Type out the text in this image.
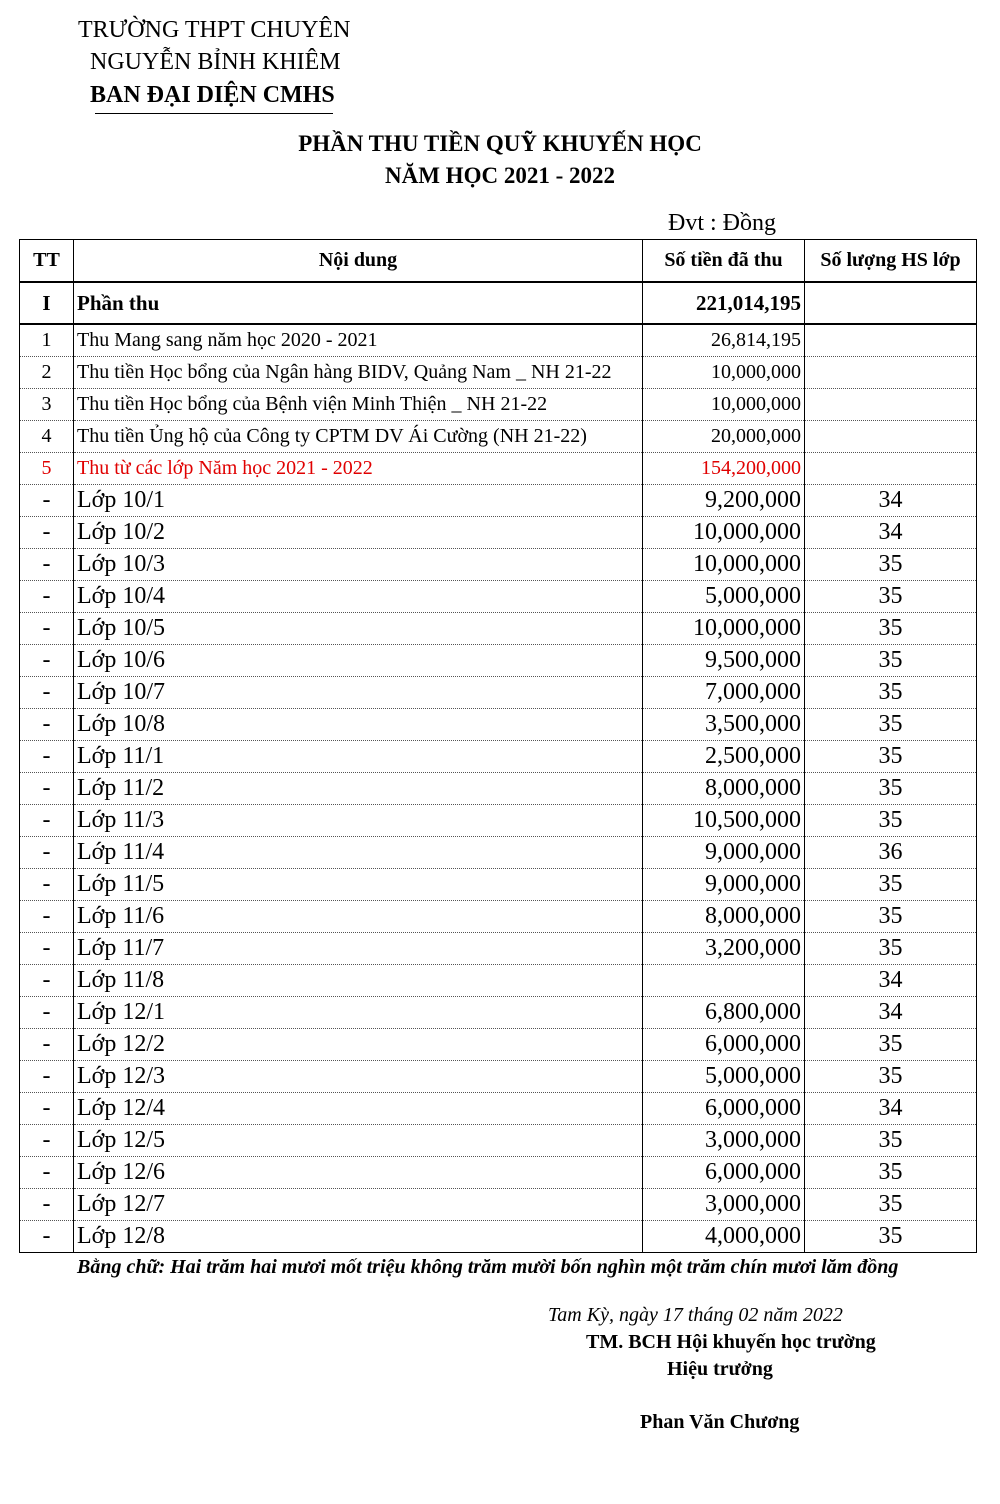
TRƯỜNG THPT CHUYÊN
NGUYỄN BỈNH KHIÊM
BAN ĐẠI DIỆN CMHS
PHẦN THU TIỀN QUỸ KHUYẾN HỌC
NĂM HỌC 2021 - 2022
Đvt : Đồng
TT	Nội dung	Số tiền đã thu	Số lượng HS lớp
I	Phần thu	221,014,195	
1	Thu Mang sang năm học 2020 - 2021	26,814,195	
2	Thu tiền Học bổng của Ngân hàng BIDV, Quảng Nam _ NH 21-22	10,000,000	
3	Thu tiền Học bổng của Bệnh viện Minh Thiện _ NH 21-22	10,000,000	
4	Thu tiền Ủng hộ của Công ty CPTM DV Ái Cường (NH 21-22)	20,000,000	
5	Thu từ các lớp Năm học 2021 - 2022	154,200,000	
-	Lớp 10/1	9,200,000	34
-	Lớp 10/2	10,000,000	34
-	Lớp 10/3	10,000,000	35
-	Lớp 10/4	5,000,000	35
-	Lớp 10/5	10,000,000	35
-	Lớp 10/6	9,500,000	35
-	Lớp 10/7	7,000,000	35
-	Lớp 10/8	3,500,000	35
-	Lớp 11/1	2,500,000	35
-	Lớp 11/2	8,000,000	35
-	Lớp 11/3	10,500,000	35
-	Lớp 11/4	9,000,000	36
-	Lớp 11/5	9,000,000	35
-	Lớp 11/6	8,000,000	35
-	Lớp 11/7	3,200,000	35
-	Lớp 11/8		34
-	Lớp 12/1	6,800,000	34
-	Lớp 12/2	6,000,000	35
-	Lớp 12/3	5,000,000	35
-	Lớp 12/4	6,000,000	34
-	Lớp 12/5	3,000,000	35
-	Lớp 12/6	6,000,000	35
-	Lớp 12/7	3,000,000	35
-	Lớp 12/8	4,000,000	35
Bằng chữ: Hai trăm hai mươi mốt triệu không trăm mười bốn nghìn một trăm chín mươi lăm đồng
Tam Kỳ, ngày 17 tháng 02 năm 2022
TM. BCH Hội khuyến học trường
Hiệu trưởng
Phan Văn Chương
